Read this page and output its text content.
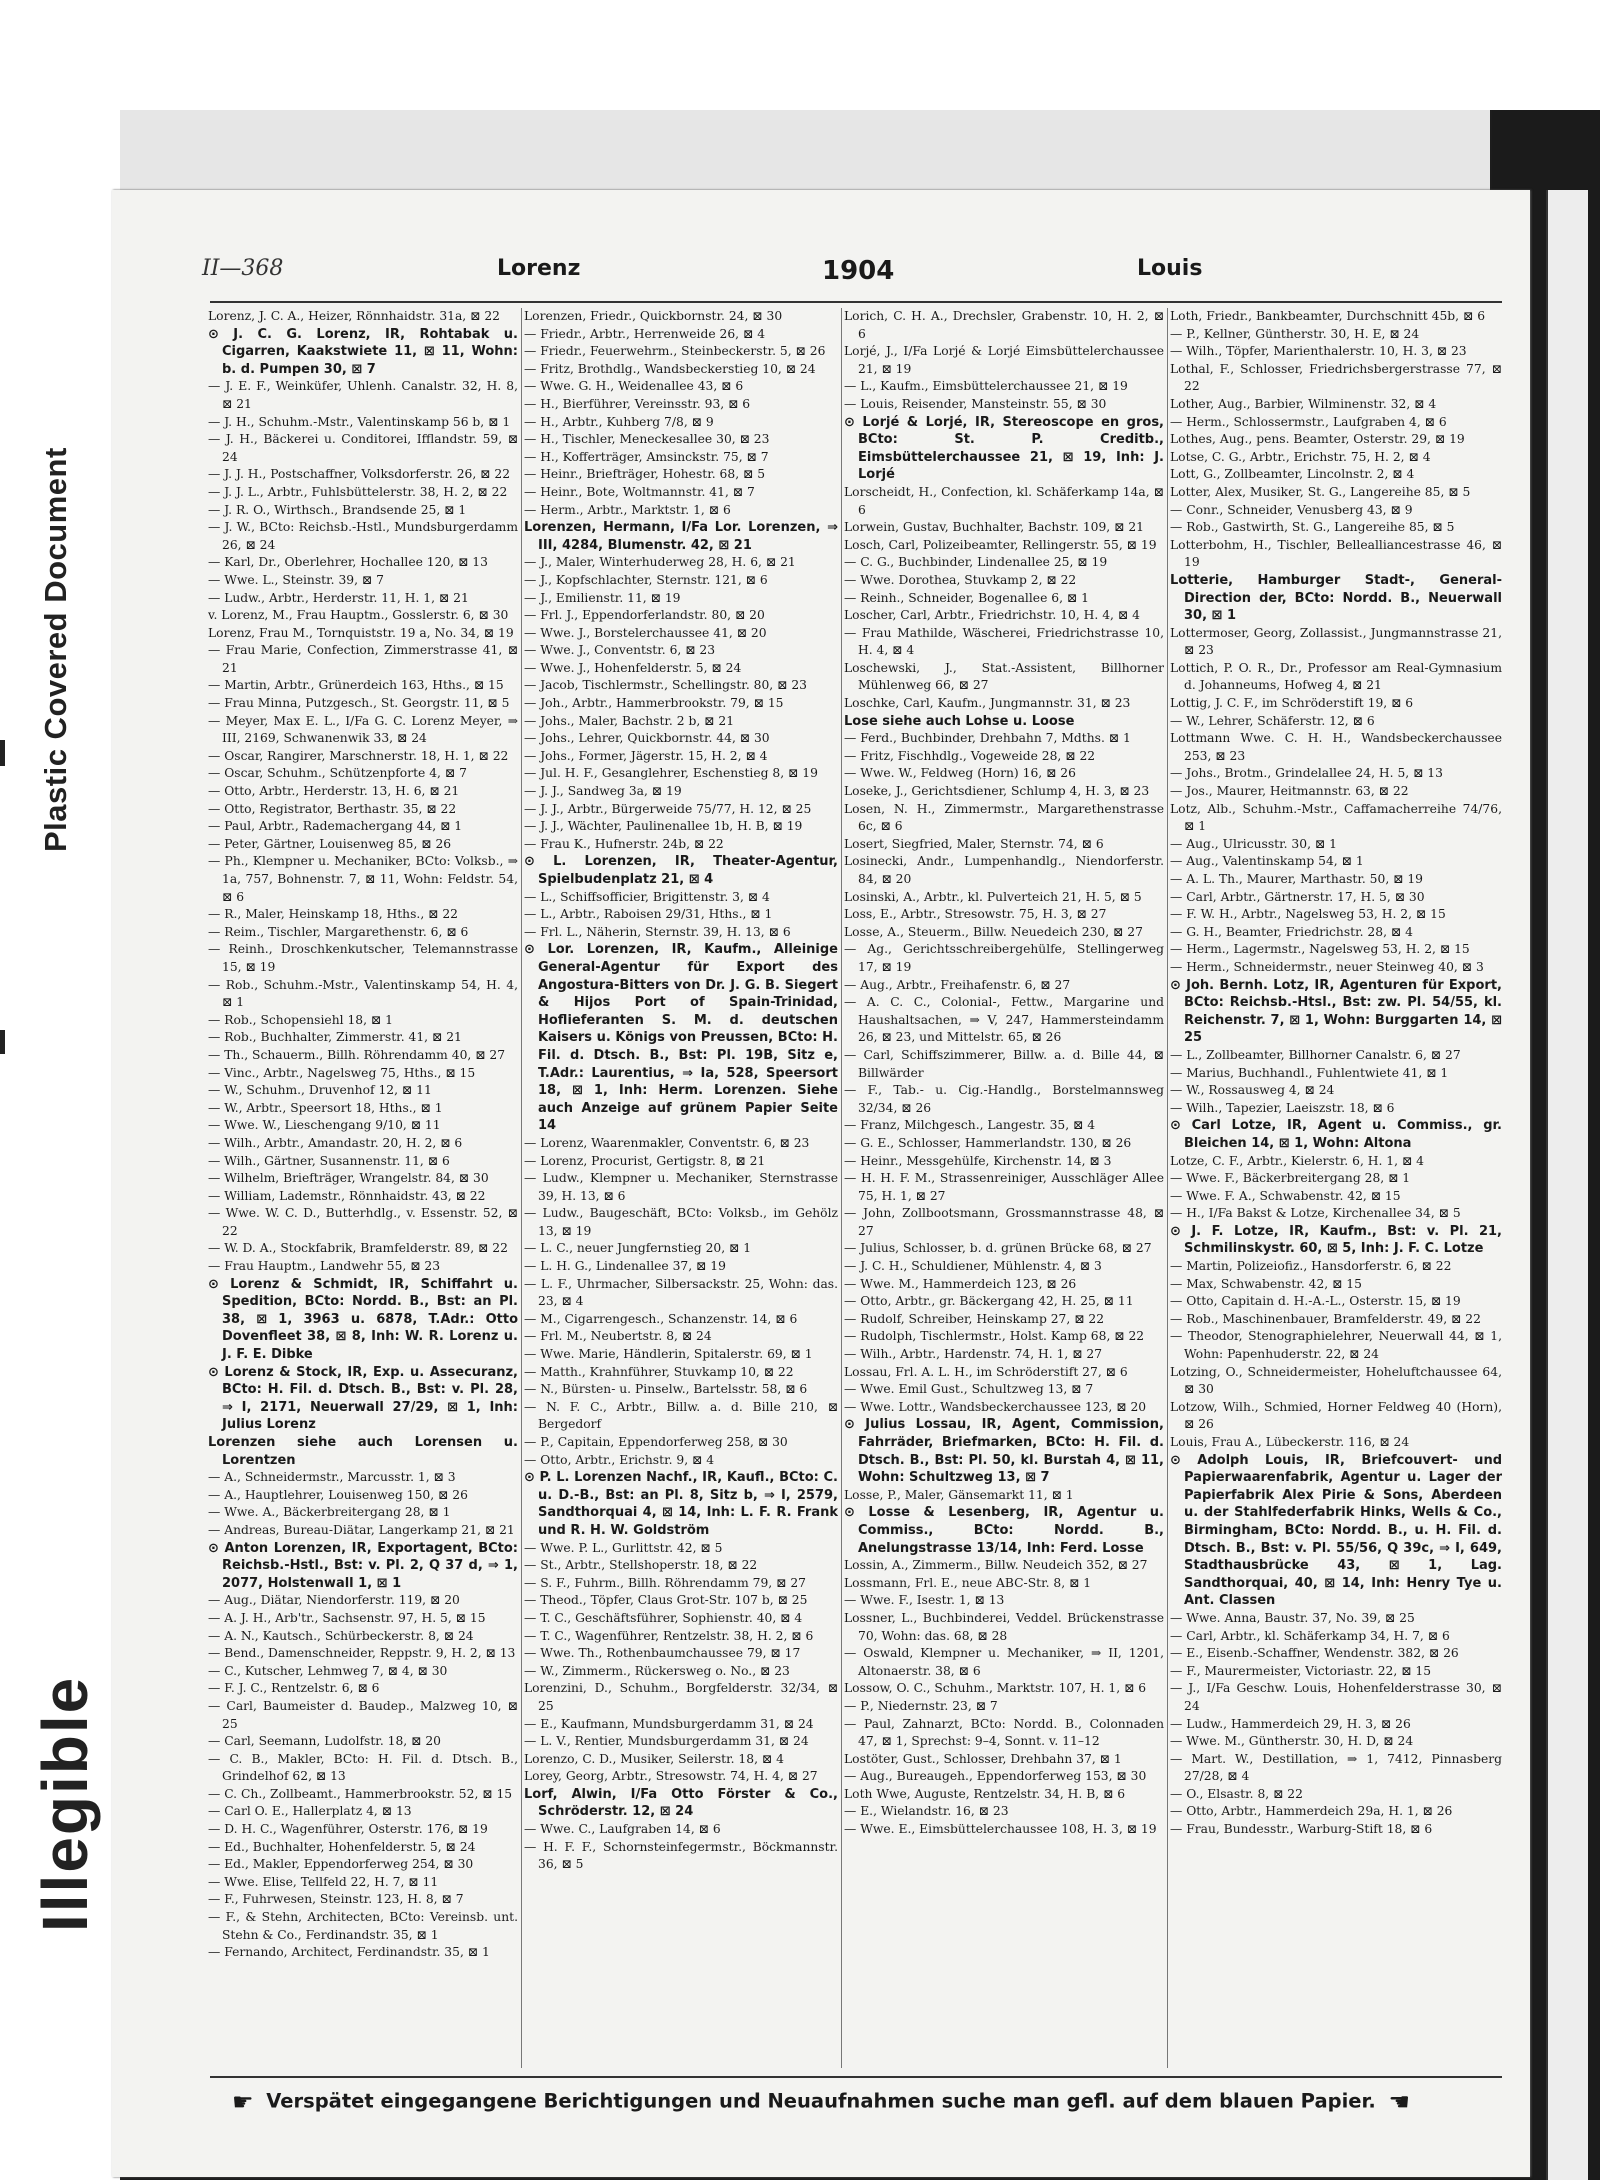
Plastic Covered Document
Illegible
II—368	Lorenz	1904	Louis

Lorenz, J. C. A., Heizer, Rönnhaidstr. 31a, ⊠ 22

⊙ J. C. G. Lorenz, IR, Rohtabak u. Cigarren, Kaakstwiete 11, ⊠ 11, Wohn: b. d. Pumpen 30, ⊠ 7

— J. E. F., Weinküfer, Uhlenh. Canalstr. 32, H. 8, ⊠ 21

— J. H., Schuhm.-Mstr., Valentinskamp 56 b, ⊠ 1

— J. H., Bäckerei u. Conditorei, Ifflandstr. 59, ⊠ 24

— J. J. H., Postschaffner, Volksdorferstr. 26, ⊠ 22

— J. J. L., Arbtr., Fuhlsbüttelerstr. 38, H. 2, ⊠ 22

— J. R. O., Wirthsch., Brandsende 25, ⊠ 1

— J. W., BCto: Reichsb.-Hstl., Mundsburgerdamm 26, ⊠ 24

— Karl, Dr., Oberlehrer, Hochallee 120, ⊠ 13

— Wwe. L., Steinstr. 39, ⊠ 7

— Ludw., Arbtr., Herderstr. 11, H. 1, ⊠ 21

v. Lorenz, M., Frau Hauptm., Gosslerstr. 6, ⊠ 30

Lorenz, Frau M., Tornquiststr. 19 a, No. 34, ⊠ 19

— Frau Marie, Confection, Zimmerstrasse 41, ⊠ 21

— Martin, Arbtr., Grünerdeich 163, Hths., ⊠ 15

— Frau Minna, Putzgesch., St. Georgstr. 11, ⊠ 5

— Meyer, Max E. L., I/Fa G. C. Lorenz Meyer, ⇒ III, 2169, Schwanenwik 33, ⊠ 24

— Oscar, Rangirer, Marschnerstr. 18, H. 1, ⊠ 22

— Oscar, Schuhm., Schützenpforte 4, ⊠ 7

— Otto, Arbtr., Herderstr. 13, H. 6, ⊠ 21

— Otto, Registrator, Berthastr. 35, ⊠ 22

— Paul, Arbtr., Rademachergang 44, ⊠ 1

— Peter, Gärtner, Louisenweg 85, ⊠ 26

— Ph., Klempner u. Mechaniker, BCto: Volksb., ⇒ 1a, 757, Bohnenstr. 7, ⊠ 11, Wohn: Feldstr. 54, ⊠ 6

— R., Maler, Heinskamp 18, Hths., ⊠ 22

— Reim., Tischler, Margarethenstr. 6, ⊠ 6

— Reinh., Droschkenkutscher, Telemannstrasse 15, ⊠ 19

— Rob., Schuhm.-Mstr., Valentinskamp 54, H. 4, ⊠ 1

— Rob., Schopensiehl 18, ⊠ 1

— Rob., Buchhalter, Zimmerstr. 41, ⊠ 21

— Th., Schauerm., Billh. Röhrendamm 40, ⊠ 27

— Vinc., Arbtr., Nagelsweg 75, Hths., ⊠ 15

— W., Schuhm., Druvenhof 12, ⊠ 11

— W., Arbtr., Speersort 18, Hths., ⊠ 1

— Wwe. W., Lieschengang 9/10, ⊠ 11

— Wilh., Arbtr., Amandastr. 20, H. 2, ⊠ 6

— Wilh., Gärtner, Susannenstr. 11, ⊠ 6

— Wilhelm, Briefträger, Wrangelstr. 84, ⊠ 30

— William, Lademstr., Rönnhaidstr. 43, ⊠ 22

— Wwe. W. C. D., Butterhdlg., v. Essenstr. 52, ⊠ 22

— W. D. A., Stockfabrik, Bramfelderstr. 89, ⊠ 22

— Frau Hauptm., Landwehr 55, ⊠ 23

⊙ Lorenz & Schmidt, IR, Schiffahrt u. Spedition, BCto: Nordd. B., Bst: an Pl. 38, ⊠ 1, 3963 u. 6878, T.Adr.: Otto Dovenfleet 38, ⊠ 8, Inh: W. R. Lorenz u. J. F. E. Dibke

⊙ Lorenz & Stock, IR, Exp. u. Assecuranz, BCto: H. Fil. d. Dtsch. B., Bst: v. Pl. 28, ⇒ I, 2171, Neuerwall 27/29, ⊠ 1, Inh: Julius Lorenz

Lorenzen siehe auch Lorensen u. Lorentzen

— A., Schneidermstr., Marcusstr. 1, ⊠ 3

— A., Hauptlehrer, Louisenweg 150, ⊠ 26

— Wwe. A., Bäckerbreitergang 28, ⊠ 1

— Andreas, Bureau-Diätar, Langerkamp 21, ⊠ 21

⊙ Anton Lorenzen, IR, Exportagent, BCto: Reichsb.-Hstl., Bst: v. Pl. 2, Q 37 d, ⇒ 1, 2077, Holstenwall 1, ⊠ 1

— Aug., Diätar, Niendorferstr. 119, ⊠ 20

— A. J. H., Arb'tr., Sachsenstr. 97, H. 5, ⊠ 15

— A. N., Kautsch., Schürbeckerstr. 8, ⊠ 24

— Bend., Damenschneider, Reppstr. 9, H. 2, ⊠ 13

— C., Kutscher, Lehmweg 7, ⊠ 4, ⊠ 30

— F. J. C., Rentzelstr. 6, ⊠ 6

— Carl, Baumeister d. Baudep., Malzweg 10, ⊠ 25

— Carl, Seemann, Ludolfstr. 18, ⊠ 20

— C. B., Makler, BCto: H. Fil. d. Dtsch. B., Grindelhof 62, ⊠ 13

— C. Ch., Zollbeamt., Hammerbrookstr. 52, ⊠ 15

— Carl O. E., Hallerplatz 4, ⊠ 13

— D. H. C., Wagenführer, Osterstr. 176, ⊠ 19

— Ed., Buchhalter, Hohenfelderstr. 5, ⊠ 24

— Ed., Makler, Eppendorferweg 254, ⊠ 30

— Wwe. Elise, Tellfeld 22, H. 7, ⊠ 11

— F., Fuhrwesen, Steinstr. 123, H. 8, ⊠ 7

— F., & Stehn, Architecten, BCto: Vereinsb. unt. Stehn & Co., Ferdinandstr. 35, ⊠ 1

— Fernando, Architect, Ferdinandstr. 35, ⊠ 1

Lorenzen, Friedr., Quickbornstr. 24, ⊠ 30

— Friedr., Arbtr., Herrenweide 26, ⊠ 4

— Friedr., Feuerwehrm., Steinbeckerstr. 5, ⊠ 26

— Fritz, Brothdlg., Wandsbeckerstieg 10, ⊠ 24

— Wwe. G. H., Weidenallee 43, ⊠ 6

— H., Bierführer, Vereinsstr. 93, ⊠ 6

— H., Arbtr., Kuhberg 7/8, ⊠ 9

— H., Tischler, Meneckesallee 30, ⊠ 23

— H., Kofferträger, Amsinckstr. 75, ⊠ 7

— Heinr., Briefträger, Hohestr. 68, ⊠ 5

— Heinr., Bote, Woltmannstr. 41, ⊠ 7

— Herm., Arbtr., Marktstr. 1, ⊠ 6

Lorenzen, Hermann, I/Fa Lor. Lorenzen, ⇒ III, 4284, Blumenstr. 42, ⊠ 21

— J., Maler, Winterhuderweg 28, H. 6, ⊠ 21

— J., Kopfschlachter, Sternstr. 121, ⊠ 6

— J., Emilienstr. 11, ⊠ 19

— Frl. J., Eppendorferlandstr. 80, ⊠ 20

— Wwe. J., Borstelerchaussee 41, ⊠ 20

— Wwe. J., Conventstr. 6, ⊠ 23

— Wwe. J., Hohenfelderstr. 5, ⊠ 24

— Jacob, Tischlermstr., Schellingstr. 80, ⊠ 23

— Joh., Arbtr., Hammerbrookstr. 79, ⊠ 15

— Johs., Maler, Bachstr. 2 b, ⊠ 21

— Johs., Lehrer, Quickbornstr. 44, ⊠ 30

— Johs., Former, Jägerstr. 15, H. 2, ⊠ 4

— Jul. H. F., Gesanglehrer, Eschenstieg 8, ⊠ 19

— J. J., Sandweg 3a, ⊠ 19

— J. J., Arbtr., Bürgerweide 75/77, H. 12, ⊠ 25

— J. J., Wächter, Paulinenallee 1b, H. B, ⊠ 19

— Frau K., Hufnerstr. 24b, ⊠ 22

⊙ L. Lorenzen, IR, Theater-Agentur, Spielbudenplatz 21, ⊠ 4

— L., Schiffsofficier, Brigittenstr. 3, ⊠ 4

— L., Arbtr., Raboisen 29/31, Hths., ⊠ 1

— Frl. L., Näherin, Sternstr. 39, H. 13, ⊠ 6

⊙ Lor. Lorenzen, IR, Kaufm., Alleinige General-Agentur für Export des Angostura-Bitters von Dr. J. G. B. Siegert & Hijos Port of Spain-Trinidad, Hoflieferanten S. M. d. deutschen Kaisers u. Königs von Preussen, BCto: H. Fil. d. Dtsch. B., Bst: Pl. 19B, Sitz e, T.Adr.: Laurentius, ⇒ Ia, 528, Speersort 18, ⊠ 1, Inh: Herm. Lorenzen. Siehe auch Anzeige auf grünem Papier Seite 14

— Lorenz, Waarenmakler, Conventstr. 6, ⊠ 23

— Lorenz, Procurist, Gertigstr. 8, ⊠ 21

— Ludw., Klempner u. Mechaniker, Sternstrasse 39, H. 13, ⊠ 6

— Ludw., Baugeschäft, BCto: Volksb., im Gehölz 13, ⊠ 19

— L. C., neuer Jungfernstieg 20, ⊠ 1

— L. H. G., Lindenallee 37, ⊠ 19

— L. F., Uhrmacher, Silbersackstr. 25, Wohn: das. 23, ⊠ 4

— M., Cigarrengesch., Schanzenstr. 14, ⊠ 6

— Frl. M., Neubertstr. 8, ⊠ 24

— Wwe. Marie, Händlerin, Spitalerstr. 69, ⊠ 1

— Matth., Krahnführer, Stuvkamp 10, ⊠ 22

— N., Bürsten- u. Pinselw., Bartelsstr. 58, ⊠ 6

— N. F. C., Arbtr., Billw. a. d. Bille 210, ⊠ Bergedorf

— P., Capitain, Eppendorferweg 258, ⊠ 30

— Otto, Arbtr., Erichstr. 9, ⊠ 4

⊙ P. L. Lorenzen Nachf., IR, Kaufl., BCto: C. u. D.-B., Bst: an Pl. 8, Sitz b, ⇒ I, 2579, Sandthorquai 4, ⊠ 14, Inh: L. F. R. Frank und R. H. W. Goldström

— Wwe. P. L., Gurlittstr. 42, ⊠ 5

— St., Arbtr., Stellshoperstr. 18, ⊠ 22

— S. F., Fuhrm., Billh. Röhrendamm 79, ⊠ 27

— Theod., Töpfer, Claus Grot-Str. 107 b, ⊠ 25

— T. C., Geschäftsführer, Sophienstr. 40, ⊠ 4

— T. C., Wagenführer, Rentzelstr. 38, H. 2, ⊠ 6

— Wwe. Th., Rothenbaumchaussee 79, ⊠ 17

— W., Zimmerm., Rückersweg o. No., ⊠ 23

Lorenzini, D., Schuhm., Borgfelderstr. 32/34, ⊠ 25

— E., Kaufmann, Mundsburgerdamm 31, ⊠ 24

— L. V., Rentier, Mundsburgerdamm 31, ⊠ 24

Lorenzo, C. D., Musiker, Seilerstr. 18, ⊠ 4

Lorey, Georg, Arbtr., Stresowstr. 74, H. 4, ⊠ 27

Lorf, Alwin, I/Fa Otto Förster & Co., Schröderstr. 12, ⊠ 24

— Wwe. C., Laufgraben 14, ⊠ 6

— H. F. F., Schornsteinfegermstr., Böckmannstr. 36, ⊠ 5

Lorich, C. H. A., Drechsler, Grabenstr. 10, H. 2, ⊠ 6

Lorjé, J., I/Fa Lorjé & Lorjé Eimsbüttelerchaussee 21, ⊠ 19

— L., Kaufm., Eimsbüttelerchaussee 21, ⊠ 19

— Louis, Reisender, Mansteinstr. 55, ⊠ 30

⊙ Lorjé & Lorjé, IR, Stereoscope en gros, BCto: St. P. Creditb., Eimsbüttelerchaussee 21, ⊠ 19, Inh: J. Lorjé

Lorscheidt, H., Confection, kl. Schäferkamp 14a, ⊠ 6

Lorwein, Gustav, Buchhalter, Bachstr. 109, ⊠ 21

Losch, Carl, Polizeibeamter, Rellingerstr. 55, ⊠ 19

— C. G., Buchbinder, Lindenallee 25, ⊠ 19

— Wwe. Dorothea, Stuvkamp 2, ⊠ 22

— Reinh., Schneider, Bogenallee 6, ⊠ 1

Loscher, Carl, Arbtr., Friedrichstr. 10, H. 4, ⊠ 4

— Frau Mathilde, Wäscherei, Friedrichstrasse 10, H. 4, ⊠ 4

Loschewski, J., Stat.-Assistent, Billhorner Mühlenweg 66, ⊠ 27

Loschke, Carl, Kaufm., Jungmannstr. 31, ⊠ 23

Lose siehe auch Lohse u. Loose

— Ferd., Buchbinder, Drehbahn 7, Mdths. ⊠ 1

— Fritz, Fischhdlg., Vogeweide 28, ⊠ 22

— Wwe. W., Feldweg (Horn) 16, ⊠ 26

Loseke, J., Gerichtsdiener, Schlump 4, H. 3, ⊠ 23

Losen, N. H., Zimmermstr., Margarethenstrasse 6c, ⊠ 6

Losert, Siegfried, Maler, Sternstr. 74, ⊠ 6

Losinecki, Andr., Lumpenhandlg., Niendorferstr. 84, ⊠ 20

Losinski, A., Arbtr., kl. Pulverteich 21, H. 5, ⊠ 5

Loss, E., Arbtr., Stresowstr. 75, H. 3, ⊠ 27

Losse, A., Steuerm., Billw. Neuedeich 230, ⊠ 27

— Ag., Gerichtsschreibergehülfe, Stellingerweg 17, ⊠ 19

— Aug., Arbtr., Freihafenstr. 6, ⊠ 27

— A. C. C., Colonial-, Fettw., Margarine und Haushaltsachen, ⇒ V, 247, Hammersteindamm 26, ⊠ 23, und Mittelstr. 65, ⊠ 26

— Carl, Schiffszimmerer, Billw. a. d. Bille 44, ⊠ Billwärder

— F., Tab.- u. Cig.-Handlg., Borstelmannsweg 32/34, ⊠ 26

— Franz, Milchgesch., Langestr. 35, ⊠ 4

— G. E., Schlosser, Hammerlandstr. 130, ⊠ 26

— Heinr., Messgehülfe, Kirchenstr. 14, ⊠ 3

— H. H. F. M., Strassenreiniger, Ausschläger Allee 75, H. 1, ⊠ 27

— John, Zollbootsmann, Grossmannstrasse 48, ⊠ 27

— Julius, Schlosser, b. d. grünen Brücke 68, ⊠ 27

— J. C. H., Schuldiener, Mühlenstr. 4, ⊠ 3

— Wwe. M., Hammerdeich 123, ⊠ 26

— Otto, Arbtr., gr. Bäckergang 42, H. 25, ⊠ 11

— Rudolf, Schreiber, Heinskamp 27, ⊠ 22

— Rudolph, Tischlermstr., Holst. Kamp 68, ⊠ 22

— Wilh., Arbtr., Hardenstr. 74, H. 1, ⊠ 27

Lossau, Frl. A. L. H., im Schröderstift 27, ⊠ 6

— Wwe. Emil Gust., Schultzweg 13, ⊠ 7

— Wwe. Lottr., Wandsbeckerchaussee 123, ⊠ 20

⊙ Julius Lossau, IR, Agent, Commission, Fahrräder, Briefmarken, BCto: H. Fil. d. Dtsch. B., Bst: Pl. 50, kl. Burstah 4, ⊠ 11, Wohn: Schultzweg 13, ⊠ 7

Losse, P., Maler, Gänsemarkt 11, ⊠ 1

⊙ Losse & Lesenberg, IR, Agentur u. Commiss., BCto: Nordd. B., Anelungstrasse 13/14, Inh: Ferd. Losse

Lossin, A., Zimmerm., Billw. Neudeich 352, ⊠ 27

Lossmann, Frl. E., neue ABC-Str. 8, ⊠ 1

— Wwe. F., Isestr. 1, ⊠ 13

Lossner, L., Buchbinderei, Veddel. Brückenstrasse 70, Wohn: das. 68, ⊠ 28

— Oswald, Klempner u. Mechaniker, ⇒ II, 1201, Altonaerstr. 38, ⊠ 6

Lossow, O. C., Schuhm., Marktstr. 107, H. 1, ⊠ 6

— P., Niedernstr. 23, ⊠ 7

— Paul, Zahnarzt, BCto: Nordd. B., Colonnaden 47, ⊠ 1, Sprechst: 9–4, Sonnt. v. 11–12

Lostöter, Gust., Schlosser, Drehbahn 37, ⊠ 1

— Aug., Bureaugeh., Eppendorferweg 153, ⊠ 30

Loth Wwe, Auguste, Rentzelstr. 34, H. B, ⊠ 6

— E., Wielandstr. 16, ⊠ 23

— Wwe. E., Eimsbüttelerchaussee 108, H. 3, ⊠ 19

Loth, Friedr., Bankbeamter, Durchschnitt 45b, ⊠ 6

— P., Kellner, Güntherstr. 30, H. E, ⊠ 24

— Wilh., Töpfer, Marienthalerstr. 10, H. 3, ⊠ 23

Lothal, F., Schlosser, Friedrichsbergerstrasse 77, ⊠ 22

Lother, Aug., Barbier, Wilminenstr. 32, ⊠ 4

— Herm., Schlossermstr., Laufgraben 4, ⊠ 6

Lothes, Aug., pens. Beamter, Osterstr. 29, ⊠ 19

Lotse, C. G., Arbtr., Erichstr. 75, H. 2, ⊠ 4

Lott, G., Zollbeamter, Lincolnstr. 2, ⊠ 4

Lotter, Alex, Musiker, St. G., Langereihe 85, ⊠ 5

— Conr., Schneider, Venusberg 43, ⊠ 9

— Rob., Gastwirth, St. G., Langereihe 85, ⊠ 5

Lotterbohm, H., Tischler, Bellealliancestrasse 46, ⊠ 19

Lotterie, Hamburger Stadt-, General-Direction der, BCto: Nordd. B., Neuerwall 30, ⊠ 1

Lottermoser, Georg, Zollassist., Jungmannstrasse 21, ⊠ 23

Lottich, P. O. R., Dr., Professor am Real-Gymnasium d. Johanneums, Hofweg 4, ⊠ 21

Lottig, J. C. F., im Schröderstift 19, ⊠ 6

— W., Lehrer, Schäferstr. 12, ⊠ 6

Lottmann Wwe. C. H. H., Wandsbeckerchaussee 253, ⊠ 23

— Johs., Brotm., Grindelallee 24, H. 5, ⊠ 13

— Jos., Maurer, Heitmannstr. 63, ⊠ 22

Lotz, Alb., Schuhm.-Mstr., Caffamacherreihe 74/76, ⊠ 1

— Aug., Ulricusstr. 30, ⊠ 1

— Aug., Valentinskamp 54, ⊠ 1

— A. L. Th., Maurer, Marthastr. 50, ⊠ 19

— Carl, Arbtr., Gärtnerstr. 17, H. 5, ⊠ 30

— F. W. H., Arbtr., Nagelsweg 53, H. 2, ⊠ 15

— G. H., Beamter, Friedrichstr. 28, ⊠ 4

— Herm., Lagermstr., Nagelsweg 53, H. 2, ⊠ 15

— Herm., Schneidermstr., neuer Steinweg 40, ⊠ 3

⊙ Joh. Bernh. Lotz, IR, Agenturen für Export, BCto: Reichsb.-Htsl., Bst: zw. Pl. 54/55, kl. Reichenstr. 7, ⊠ 1, Wohn: Burggarten 14, ⊠ 25

— L., Zollbeamter, Billhorner Canalstr. 6, ⊠ 27

— Marius, Buchhandl., Fuhlentwiete 41, ⊠ 1

— W., Rossausweg 4, ⊠ 24

— Wilh., Tapezier, Laeiszstr. 18, ⊠ 6

⊙ Carl Lotze, IR, Agent u. Commiss., gr. Bleichen 14, ⊠ 1, Wohn: Altona

Lotze, C. F., Arbtr., Kielerstr. 6, H. 1, ⊠ 4

— Wwe. F., Bäckerbreitergang 28, ⊠ 1

— Wwe. F. A., Schwabenstr. 42, ⊠ 15

— H., I/Fa Bakst & Lotze, Kirchenallee 34, ⊠ 5

⊙ J. F. Lotze, IR, Kaufm., Bst: v. Pl. 21, Schmilinskystr. 60, ⊠ 5, Inh: J. F. C. Lotze

— Martin, Polizeiofiz., Hansdorferstr. 6, ⊠ 22

— Max, Schwabenstr. 42, ⊠ 15

— Otto, Capitain d. H.-A.-L., Osterstr. 15, ⊠ 19

— Rob., Maschinenbauer, Bramfelderstr. 49, ⊠ 22

— Theodor, Stenographielehrer, Neuerwall 44, ⊠ 1, Wohn: Papenhuderstr. 22, ⊠ 24

Lotzing, O., Schneidermeister, Hoheluftchaussee 64, ⊠ 30

Lotzow, Wilh., Schmied, Horner Feldweg 40 (Horn), ⊠ 26

Louis, Frau A., Lübeckerstr. 116, ⊠ 24

⊙ Adolph Louis, IR, Briefcouvert- und Papierwaarenfabrik, Agentur u. Lager der Papierfabrik Alex Pirie & Sons, Aberdeen u. der Stahlfederfabrik Hinks, Wells & Co., Birmingham, BCto: Nordd. B., u. H. Fil. d. Dtsch. B., Bst: v. Pl. 55/56, Q 39c, ⇒ I, 649, Stadthausbrücke 43, ⊠ 1, Lag. Sandthorquai, 40, ⊠ 14, Inh: Henry Tye u. Ant. Classen

— Wwe. Anna, Baustr. 37, No. 39, ⊠ 25

— Carl, Arbtr., kl. Schäferkamp 34, H. 7, ⊠ 6

— E., Eisenb.-Schaffner, Wendenstr. 382, ⊠ 26

— F., Maurermeister, Victoriastr. 22, ⊠ 15

— J., I/Fa Geschw. Louis, Hohenfelderstrasse 30, ⊠ 24

— Ludw., Hammerdeich 29, H. 3, ⊠ 26

— Wwe. M., Güntherstr. 30, H. D, ⊠ 24

— Mart. W., Destillation, ⇒ 1, 7412, Pinnasberg 27/28, ⊠ 4

— O., Elsastr. 8, ⊠ 22

— Otto, Arbtr., Hammerdeich 29a, H. 1, ⊠ 26

— Frau, Bundesstr., Warburg-Stift 18, ⊠ 6

☛ Verspätet eingegangene Berichtigungen und Neuaufnahmen suche man gefl. auf dem blauen Papier. ☚
